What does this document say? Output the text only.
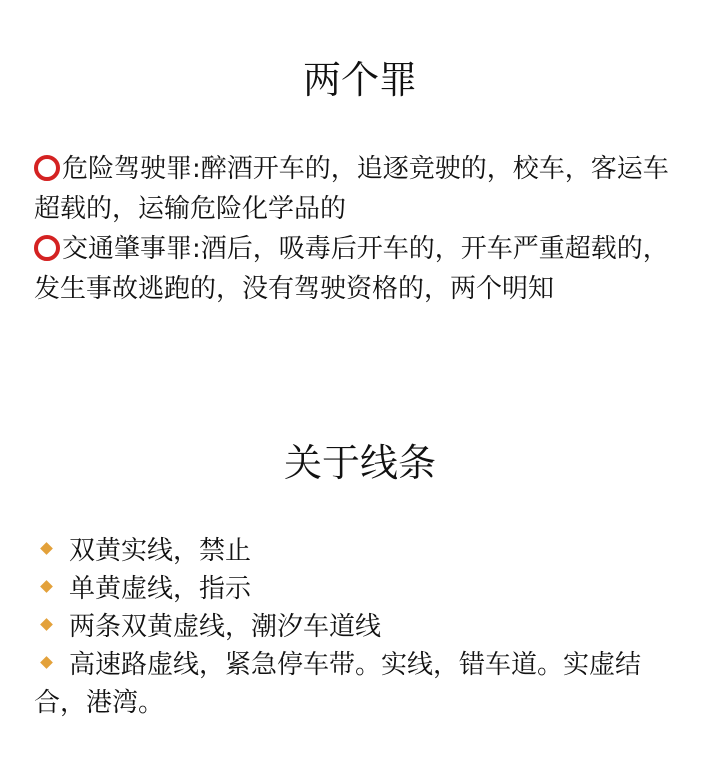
两个罪

危险驾驶罪:醉酒开车的，追逐竞驶的，校车，客运车超载的，运输危险化学品的

交通肇事罪:酒后，吸毒后开车的，开车严重超载的，发生事故逃跑的，没有驾驶资格的，两个明知

关于线条

双黄实线，禁止

单黄虚线，指示

两条双黄虚线，潮汐车道线

高速路虚线，紧急停车带。实线，错车道。实虚结合，港湾。
